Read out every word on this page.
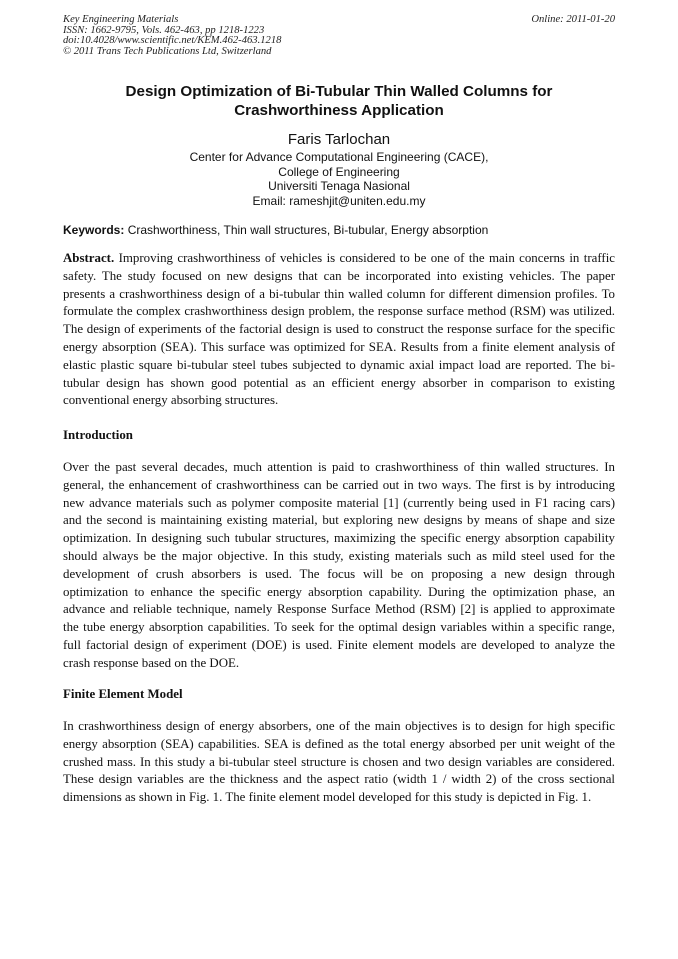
Key Engineering Materials
ISSN: 1662-9795, Vols. 462-463, pp 1218-1223
doi:10.4028/www.scientific.net/KEM.462-463.1218
© 2011 Trans Tech Publications Ltd, Switzerland
Online: 2011-01-20
Design Optimization of Bi-Tubular Thin Walled Columns for Crashworthiness Application
Faris Tarlochan
Center for Advance Computational Engineering (CACE),
College of Engineering
Universiti Tenaga Nasional
Email: rameshjit@uniten.edu.my
Keywords: Crashworthiness, Thin wall structures, Bi-tubular, Energy absorption
Abstract. Improving crashworthiness of vehicles is considered to be one of the main concerns in traffic safety. The study focused on new designs that can be incorporated into existing vehicles. The paper presents a crashworthiness design of a bi-tubular thin walled column for different dimension profiles. To formulate the complex crashworthiness design problem, the response surface method (RSM) was utilized. The design of experiments of the factorial design is used to construct the response surface for the specific energy absorption (SEA). This surface was optimized for SEA. Results from a finite element analysis of elastic plastic square bi-tubular steel tubes subjected to dynamic axial impact load are reported. The bi-tubular design has shown good potential as an efficient energy absorber in comparison to existing conventional energy absorbing structures.
Introduction
Over the past several decades, much attention is paid to crashworthiness of thin walled structures. In general, the enhancement of crashworthiness can be carried out in two ways. The first is by introducing new advance materials such as polymer composite material [1] (currently being used in F1 racing cars) and the second is maintaining existing material, but exploring new designs by means of shape and size optimization. In designing such tubular structures, maximizing the specific energy absorption capability should always be the major objective. In this study, existing materials such as mild steel used for the development of crush absorbers is used. The focus will be on proposing a new design through optimization to enhance the specific energy absorption capability. During the optimization phase, an advance and reliable technique, namely Response Surface Method (RSM) [2] is applied to approximate the tube energy absorption capabilities. To seek for the optimal design variables within a specific range, full factorial design of experiment (DOE) is used. Finite element models are developed to analyze the crash response based on the DOE.
Finite Element Model
In crashworthiness design of energy absorbers, one of the main objectives is to design for high specific energy absorption (SEA) capabilities. SEA is defined as the total energy absorbed per unit weight of the crushed mass. In this study a bi-tubular steel structure is chosen and two design variables are considered. These design variables are the thickness and the aspect ratio (width 1 / width 2) of the cross sectional dimensions as shown in Fig. 1. The finite element model developed for this study is depicted in Fig. 1.
